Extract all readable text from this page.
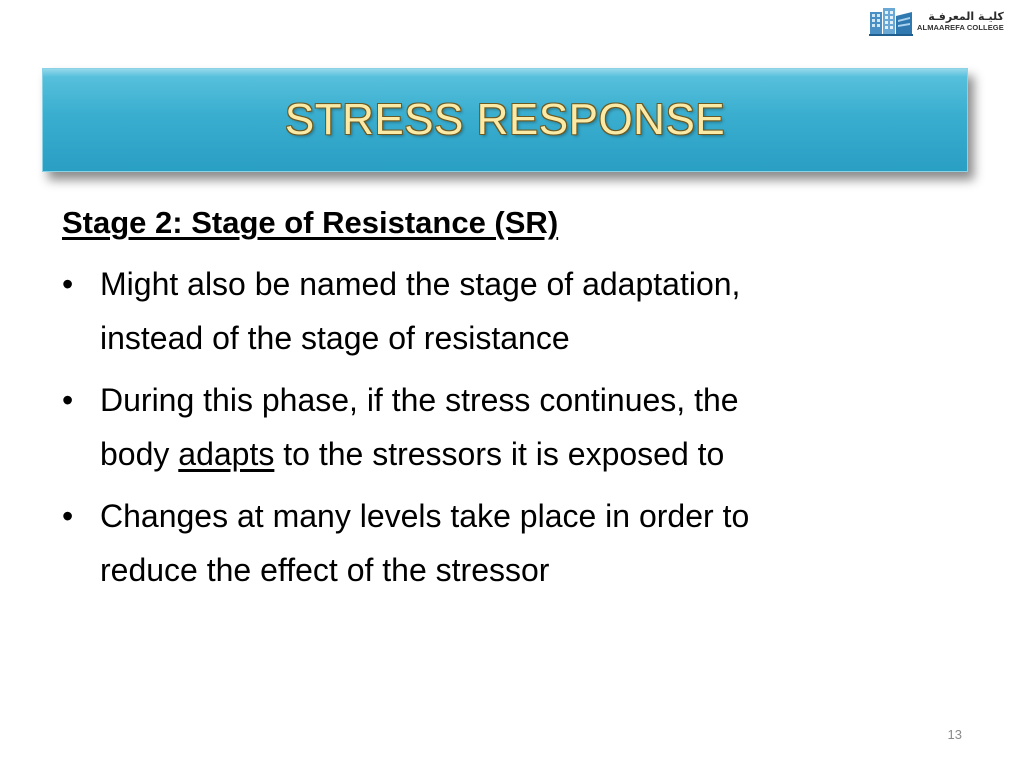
كليـة المعرفـة
ALMAAREFA COLLEGE
STRESS RESPONSE
Stage 2: Stage of Resistance (SR)
• Might also be named the stage of adaptation,
instead of the stage of resistance
• During this phase, if the stress continues, the
body adapts to the stressors it is exposed to
• Changes at many levels take place in order to
reduce the effect of the stressor
13
